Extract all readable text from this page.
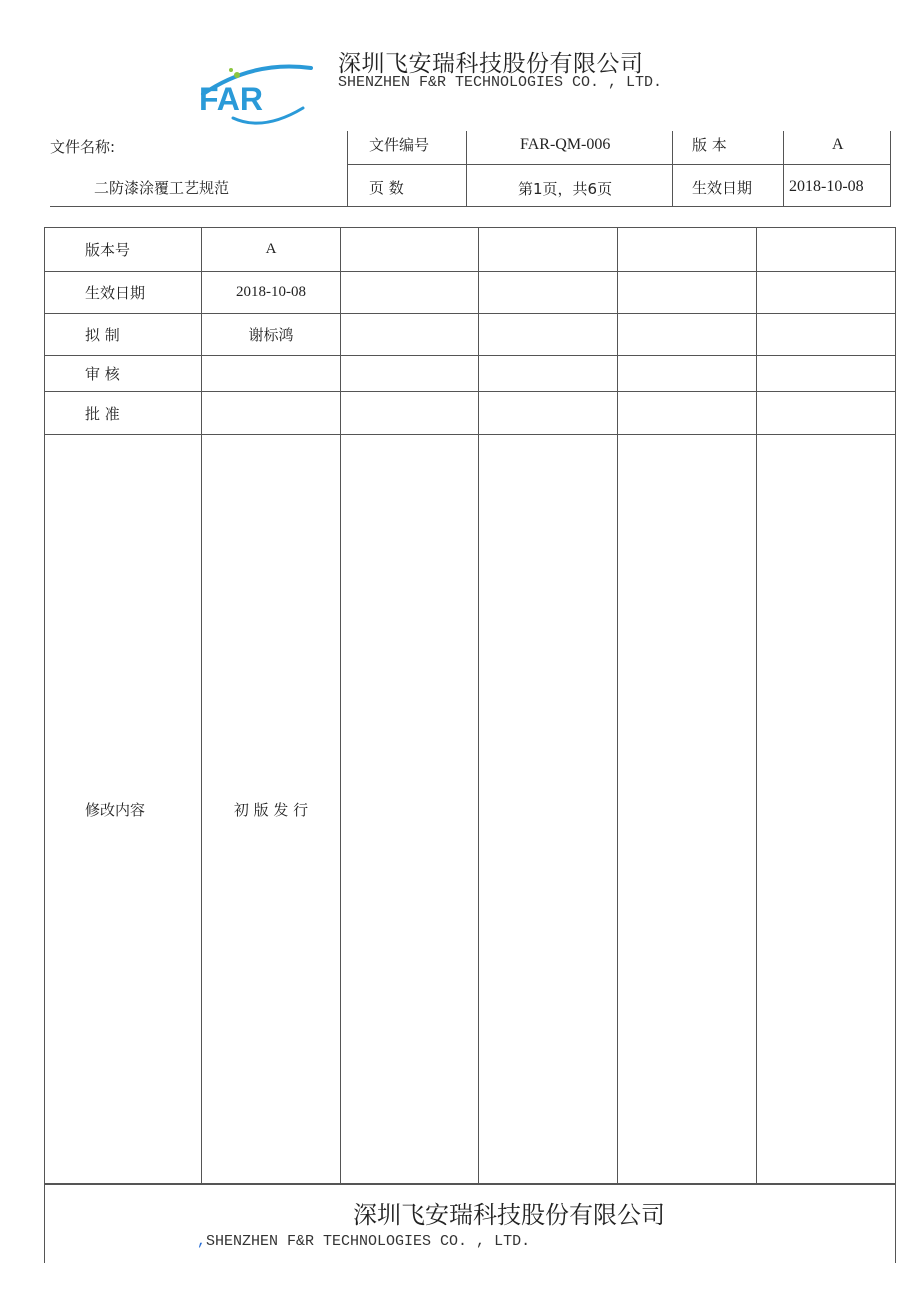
FAR
深圳飞安瑞科技股份有限公司
SHENZHEN F&R TECHNOLOGIES CO. , LTD.
文件名称:
二防漆涂覆工艺规范
文件编号	FAR-QM-006	版 本	A
页 数	第1页，共6页	生效日期 2018-10-08
版本号	A				
生效日期	2018-10-08				
拟 制	谢标鸿				
审 核					
批 准					
修改内容	初 版 发 行				
深圳飞安瑞科技股份有限公司
,SHENZHEN F&R TECHNOLOGIES CO. , LTD.
